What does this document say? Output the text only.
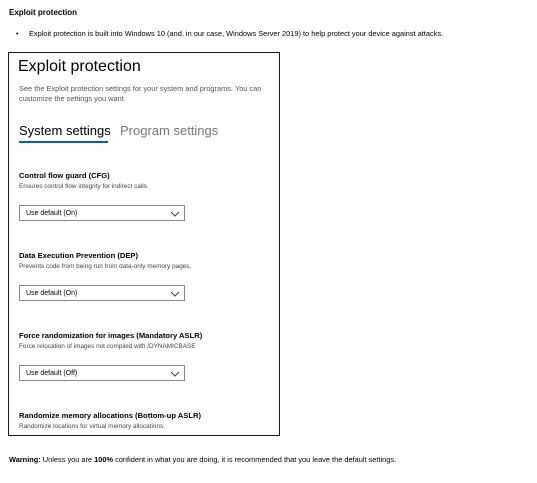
Exploit protection
• Exploit protection is built into Windows 10 (and, in our case, Windows Server 2019) to help protect your device against attacks.
Exploit protection
See the Exploit protection settings for your system and programs. You can customize the settings you want.
System settings Program settings
Control flow guard (CFG)
Ensures control flow integrity for indirect calls.
Use default (On)
Data Execution Prevention (DEP)
Prevents code from being run from data-only memory pages.
Use default (On)
Force randomization for images (Mandatory ASLR)
Force relocation of images not compiled with /DYNAMICBASE
Use default (Off)
Randomize memory allocations (Bottom-up ASLR)
Randomize locations for virtual memory allocations.
Warning: Unless you are 100% confident in what you are doing, it is recommended that you leave the default settings.
